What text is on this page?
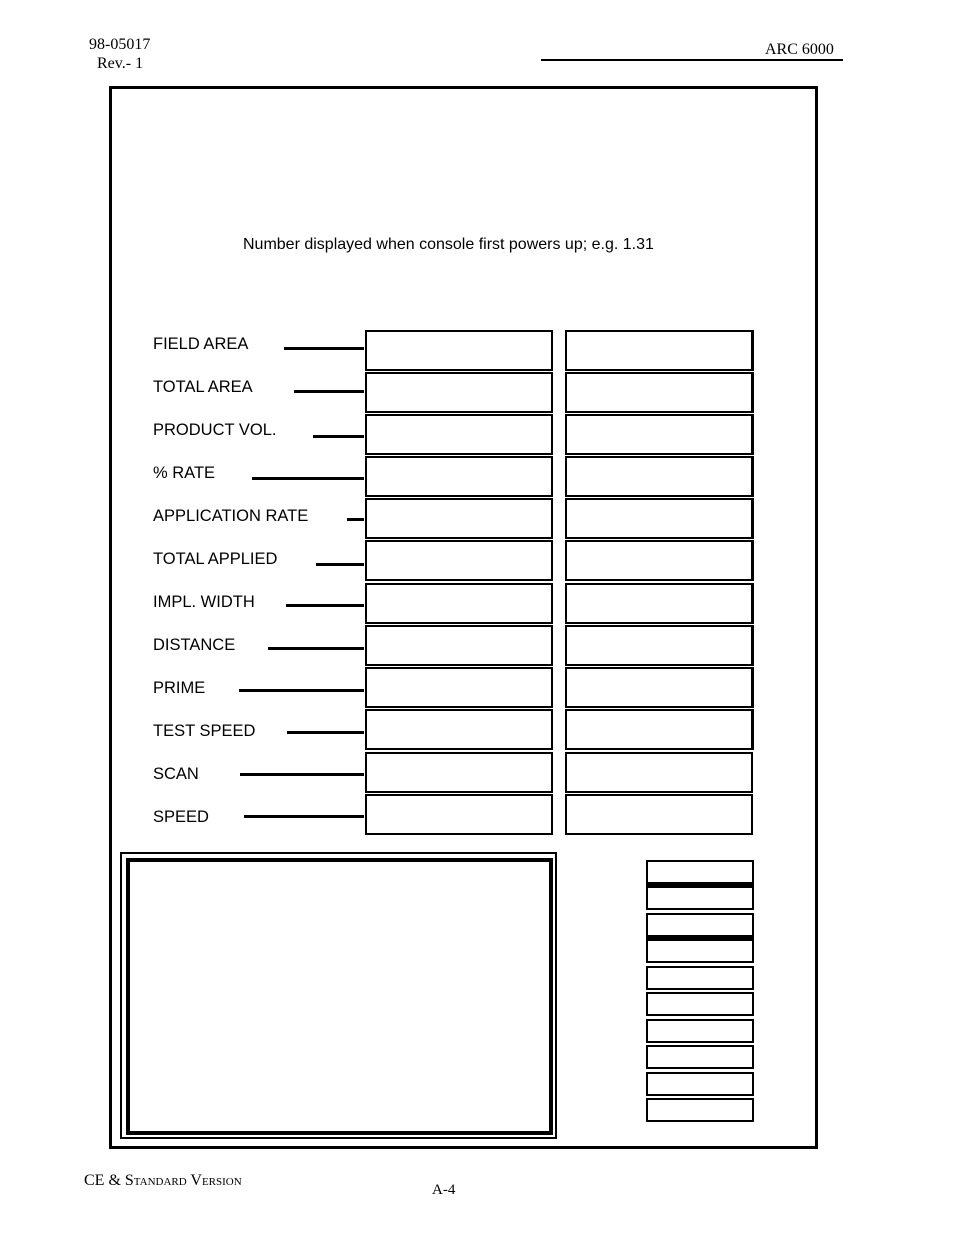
98-05017
Rev.- 1
ARC 6000
Number displayed when console first powers up; e.g. 1.31
FIELD AREA
TOTAL AREA
PRODUCT VOL.
% RATE
APPLICATION RATE
TOTAL APPLIED
IMPL. WIDTH
DISTANCE
PRIME
TEST SPEED
SCAN
SPEED
CE & Standard Version
A-4
